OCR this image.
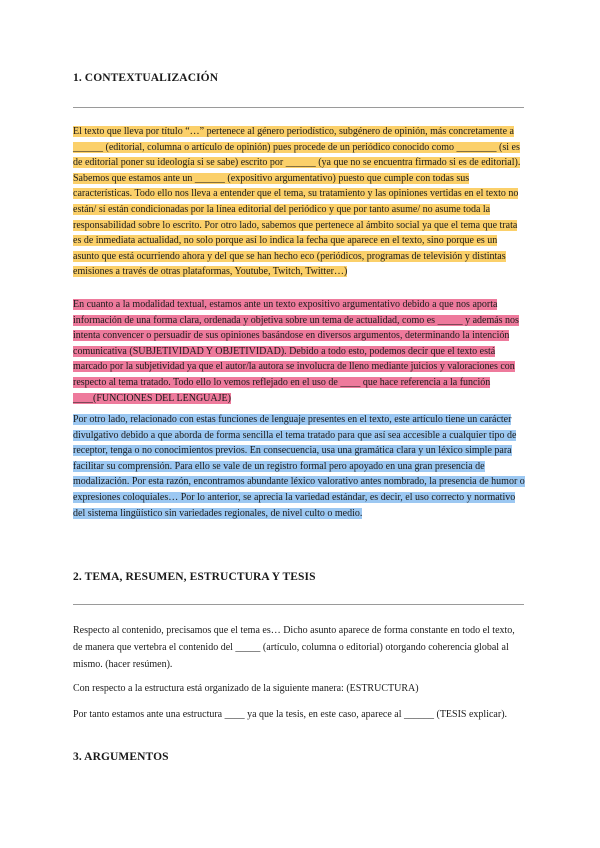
1. CONTEXTUALIZACIÓN

El texto que lleva por título “…” pertenece al género periodístico, subgénero de opinión, más concretamente a ______ (editorial, columna o artículo de opinión) pues procede de un periódico conocido como ________ (si es de editorial poner su ideología si se sabe) escrito por ______ (ya que no se encuentra firmado si es de editorial). Sabemos que estamos ante un ______ (expositivo argumentativo) puesto que cumple con todas sus características. Todo ello nos lleva a entender que el tema, su tratamiento y las opiniones vertidas en el texto no están/ sí están condicionadas por la línea editorial del periódico y que por tanto asume/ no asume toda la responsabilidad sobre lo escrito. Por otro lado, sabemos que pertenece al ámbito social ya que el tema que trata es de inmediata actualidad, no solo porque así lo indica la fecha que aparece en el texto, sino porque es un asunto que está ocurriendo ahora y del que se han hecho eco (periódicos, programas de televisión y distintas emisiones a través de otras plataformas, Youtube, Twitch, Twitter…)

En cuanto a la modalidad textual, estamos ante un texto expositivo argumentativo debido a que nos aporta información de una forma clara, ordenada y objetiva sobre un tema de actualidad, como es _____ y además nos intenta convencer o persuadir de sus opiniones basándose en diversos argumentos, determinando la intención comunicativa (SUBJETIVIDAD Y OBJETIVIDAD). Debido a todo esto, podemos decir que el texto está marcado por la subjetividad ya que el autor/la autora se involucra de lleno mediante juicios y valoraciones con respecto al tema tratado. Todo ello lo vemos reflejado en el uso de ____ que hace referencia a la función ____(FUNCIONES DEL LENGUAJE)

Por otro lado, relacionado con estas funciones de lenguaje presentes en el texto, este artículo tiene un carácter divulgativo debido a que aborda de forma sencilla el tema tratado para que así sea accesible a cualquier tipo de receptor, tenga o no conocimientos previos. En consecuencia, usa una gramática clara y un léxico simple para facilitar su comprensión. Para ello se vale de un registro formal pero apoyado en una gran presencia de modalización. Por esta razón, encontramos abundante léxico valorativo antes nombrado, la presencia de humor o expresiones coloquiales… Por lo anterior, se aprecia la variedad estándar, es decir, el uso correcto y normativo del sistema lingüístico sin variedades regionales, de nivel culto o medio.

2. TEMA, RESUMEN, ESTRUCTURA Y TESIS

Respecto al contenido, precisamos que el tema es… Dicho asunto aparece de forma constante en todo el texto, de manera que vertebra el contenido del _____ (artículo, columna o editorial) otorgando coherencia global al mismo. (hacer resúmen).

Con respecto a la estructura está organizado de la siguiente manera: (ESTRUCTURA)

Por tanto estamos ante una estructura ____ ya que la tesis, en este caso, aparece al ______ (TESIS explicar).

3. ARGUMENTOS
